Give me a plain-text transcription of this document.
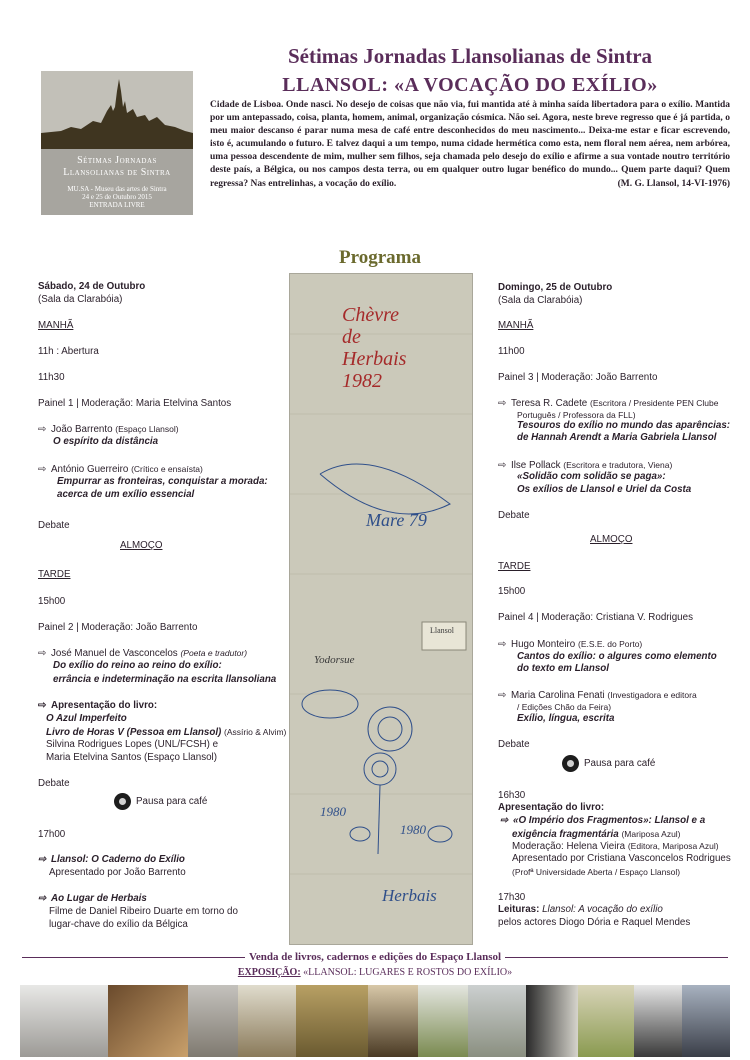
Sétimas Jornadas
Llansolianas de Sintra
MU.SA - Museu das artes de Sintra
24 e 25 de Outubro 2015
ENTRADA LIVRE
Sétimas Jornadas Llansolianas de Sintra
LLANSOL: «A VOCAÇÃO DO EXÍLIO»
Cidade de Lisboa. Onde nasci. No desejo de coisas que não via, fui mantida até à minha saída libertadora para o exílio. Mantida por um antepassado, coisa, planta, homem, animal, organização cósmica. Não sei. Agora, neste breve regresso que é já partida, o meu maior descanso é parar numa mesa de café entre desconhecidos do meu nascimento... Deixa-me estar e ficar escrevendo, isto é, acumulando o futuro. E talvez daqui a um tempo, numa cidade hermética como esta, nem floral nem aérea, nem arbórea, uma pessoa descendente de mim, mulher sem filhos, seja chamada pelo desejo do exílio e afirme a sua vontade noutro território deste país, a Bélgica, ou nos campos desta terra, ou em qualquer outro lugar benéfico do mundo... Quem parte daqui? Quem regressa? Nas entrelinhas, a vocação do exílio.	(M. G. Llansol, 14-VI-1976)
Programa
Chèvre
de
Herbais
1982
Mare 79
Yodorsue
Llansol
1980
1980
Herbais
Sábado, 24 de Outubro
(Sala da Clarabóia)
MANHÃ
11h : Abertura
11h30
Painel 1 | Moderação: Maria Etelvina Santos
⇨ João Barrento (Espaço Llansol)
O espírito da distância
⇨ António Guerreiro (Crítico e ensaísta)
Empurrar as fronteiras, conquistar a morada:
acerca de um exílio essencial
Debate
ALMOÇO
TARDE
15h00
Painel 2 | Moderação: João Barrento
⇨ José Manuel de Vasconcelos (Poeta e tradutor)
Do exílio do reino ao reino do exílio:
errância e indeterminação na escrita llansoliana
⇨ Apresentação do livro:
O Azul Imperfeito
Livro de Horas V (Pessoa em Llansol) (Assírio & Alvim)
Silvina Rodrigues Lopes (UNL/FCSH) e
Maria Etelvina Santos (Espaço Llansol)
Debate
Pausa para café
17h00
⇨ Llansol: O Caderno do Exílio
Apresentado por João Barrento
⇨ Ao Lugar de Herbais
Filme de Daniel Ribeiro Duarte em torno do
lugar-chave do exílio da Bélgica
Domingo, 25 de Outubro
(Sala da Clarabóia)
MANHÃ
11h00
Painel 3 | Moderação: João Barrento
⇨ Teresa R. Cadete (Escritora / Presidente PEN Clube
Português / Professora da FLL)
Tesouros do exílio no mundo das aparências:
de Hannah Arendt a Maria Gabriela Llansol
⇨ Ilse Pollack (Escritora e tradutora, Viena)
«Solidão com solidão se paga»:
Os exílios de Llansol e Uriel da Costa
Debate
ALMOÇO
TARDE
15h00
Painel 4 | Moderação: Cristiana V. Rodrigues
⇨ Hugo Monteiro (E.S.E. do Porto)
Cantos do exílio: o algures como elemento
do texto em Llansol
⇨ Maria Carolina Fenati (Investigadora e editora
/ Edições Chão da Feira)
Exílio, língua, escrita
Debate
Pausa para café
16h30
Apresentação do livro:
⇨ «O Império dos Fragmentos»: Llansol e a
exigência fragmentária (Mariposa Azul)
Moderação: Helena Vieira (Editora, Mariposa Azul)
Apresentado por Cristiana Vasconcelos Rodrigues
(Profª Universidade Aberta / Espaço Llansol)
17h30
Leituras: Llansol: A vocação do exílio
pelos actores Diogo Dória e Raquel Mendes
Venda de livros, cadernos e edições do Espaço Llansol
EXPOSIÇÃO: «LLANSOL: LUGARES E ROSTOS DO EXÍLIO»
